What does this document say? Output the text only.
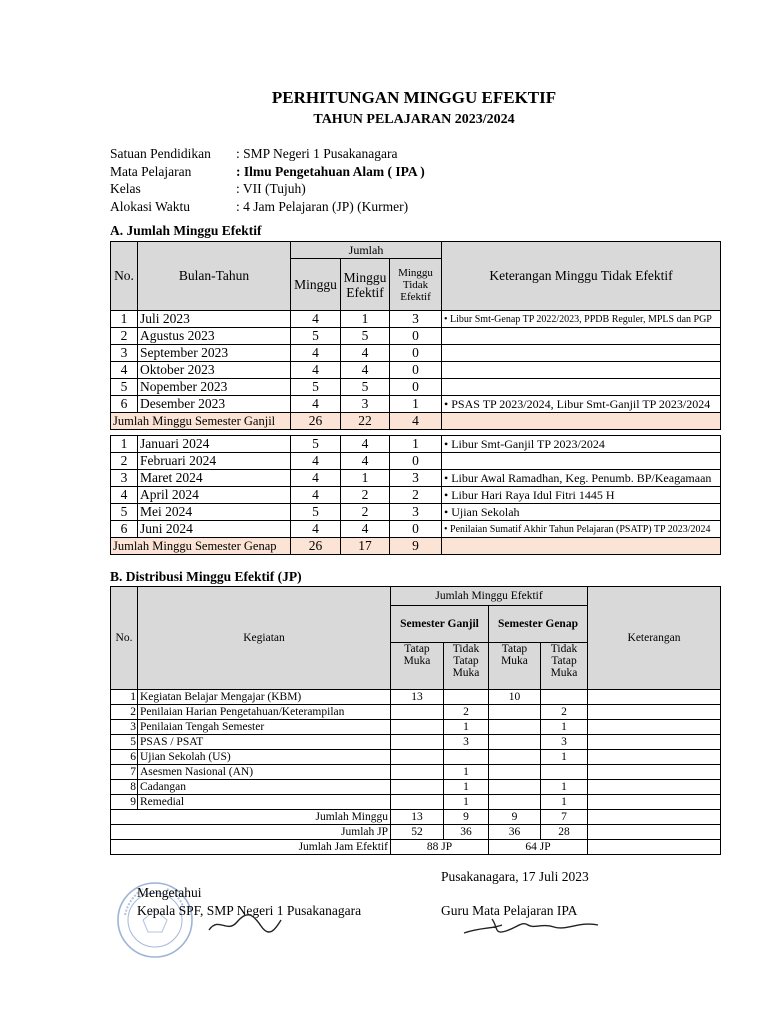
PERHITUNGAN MINGGU EFEKTIF
TAHUN PELAJARAN 2023/2024
Satuan Pendidikan	: SMP Negeri 1 Pusakanagara
Mata Pelajaran	: Ilmu Pengetahuan Alam ( IPA )
Kelas	: VII (Tujuh)
Alokasi Waktu	: 4 Jam Pelajaran (JP) (Kurmer)
A. Jumlah Minggu Efektif
No.	Bulan-Tahun	Jumlah			Keterangan Minggu Tidak Efektif
		Minggu	Minggu Efektif	Minggu Tidak Efektif	
1	Juli 2023	4	1	3	• Libur Smt-Genap TP 2022/2023, PPDB Reguler, MPLS dan PGP
2	Agustus 2023	5	5	0	
3	September 2023	4	4	0	
4	Oktober 2023	4	4	0	
5	Nopember 2023	5	5	0	
6	Desember 2023	4	3	1	• PSAS TP 2023/2024, Libur Smt-Ganjil TP 2023/2024
Jumlah Minggu Semester Ganjil		26	22	4	

1	Januari 2024	5	4	1	• Libur Smt-Ganjil TP 2023/2024
2	Februari 2024	4	4	0	
3	Maret 2024	4	1	3	• Libur Awal Ramadhan, Keg. Penumb. BP/Keagamaan
4	April 2024	4	2	2	• Libur Hari Raya Idul Fitri 1445 H
5	Mei 2024	5	2	3	• Ujian Sekolah
6	Juni 2024	4	4	0	• Penilaian Sumatif Akhir Tahun Pelajaran (PSATP) TP 2023/2024
Jumlah Minggu Semester Genap		26	17	9	
B. Distribusi Minggu Efektif (JP)
No.	Kegiatan	Jumlah Minggu Efektif				Keterangan
		Semester Ganjil		Semester Genap		
		Tatap Muka	Tidak Tatap Muka	Tatap Muka	Tidak Tatap Muka	
1	Kegiatan Belajar Mengajar (KBM)	13		10		
2	Penilaian Harian Pengetahuan/Keterampilan		2		2	
3	Penilaian Tengah Semester		1		1	
5	PSAS / PSAT		3		3	
6	Ujian Sekolah (US)				1	
7	Asesmen Nasional (AN)		1			
8	Cadangan		1		1	
9	Remedial		1		1	
Jumlah Minggu		13	9	9	7	
Jumlah JP		52	36	36	28	
Jumlah Jam Efektif		88 JP		64 JP		
Pusakanagara, 17 Juli 2023
Mengetahui
Kepala SPF, SMP Negeri 1 Pusakanagara	Guru Mata Pelajaran IPA
